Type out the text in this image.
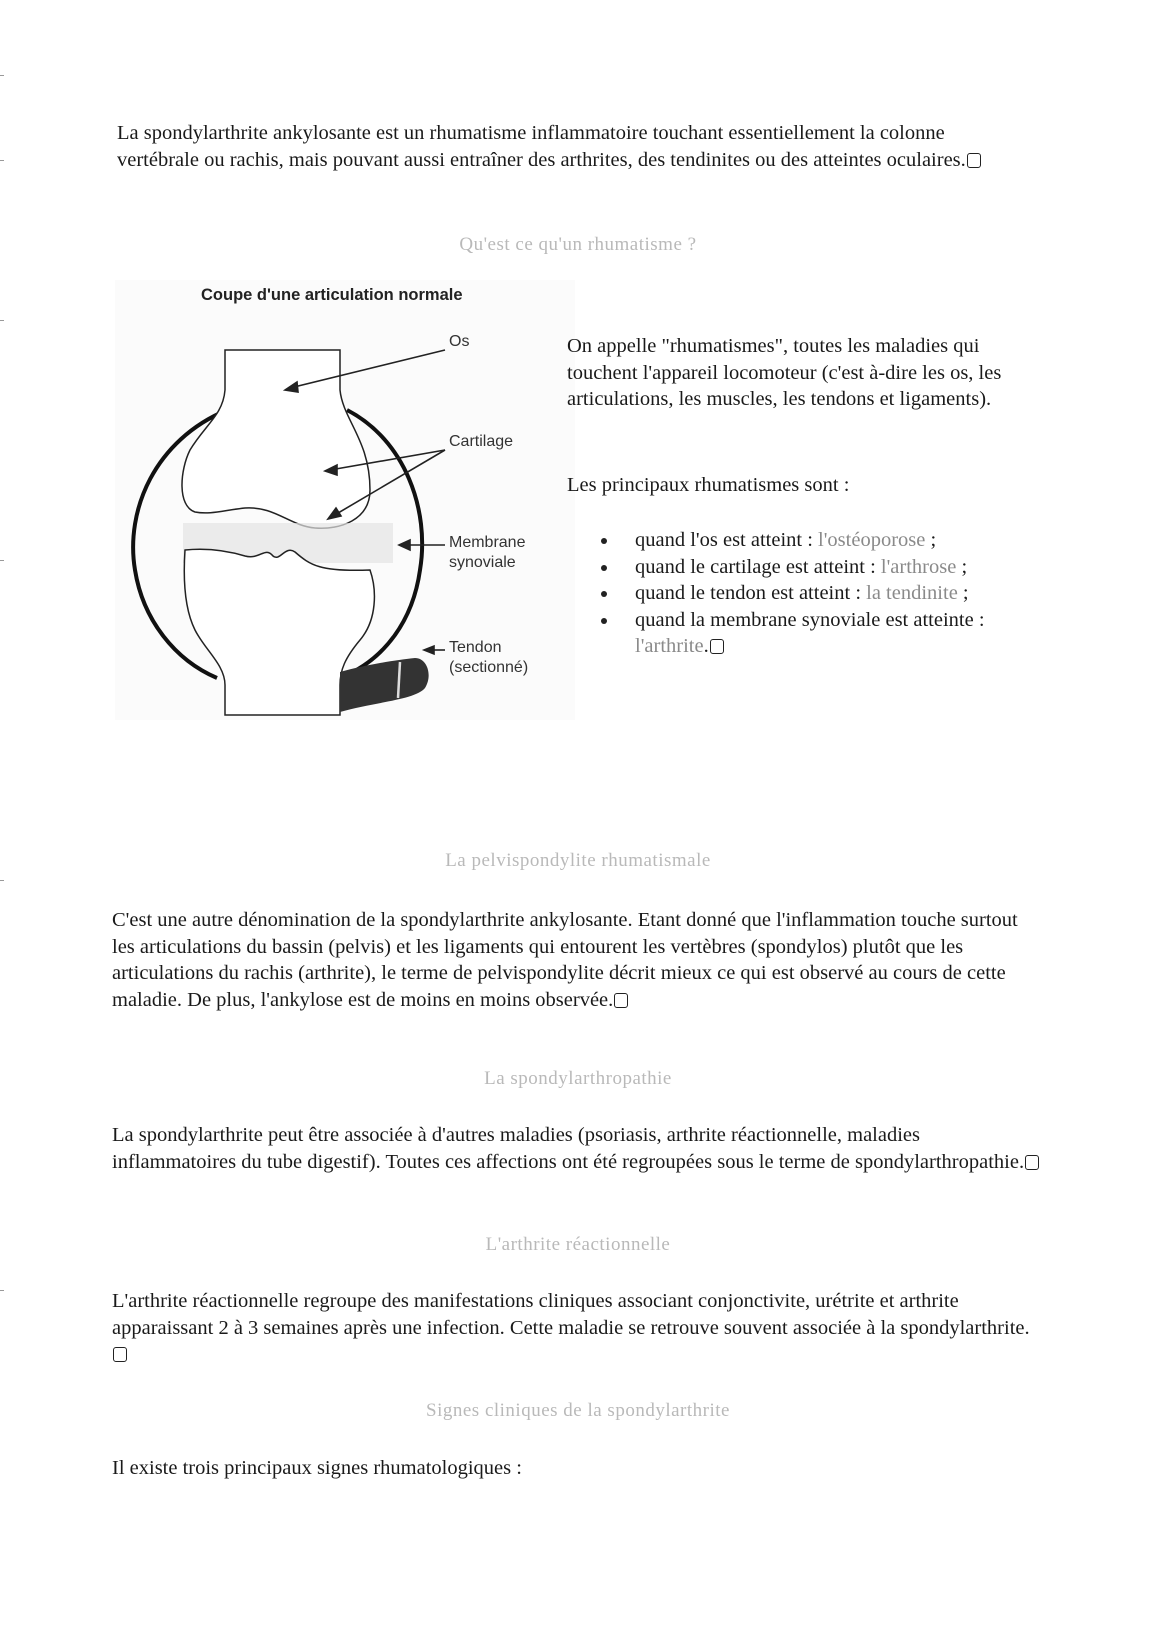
La spondylarthrite ankylosante est un rhumatisme inflammatoire touchant essentiellement la colonne vertébrale ou rachis, mais pouvant aussi entraîner des arthrites, des tendinites ou des atteintes oculaires.
Qu'est ce qu'un rhumatisme ?
Coupe d'une articulation normale
Os
Cartilage
Membrane
synoviale
Tendon
(sectionné)
On appelle "rhumatismes", toutes les maladies qui touchent l'appareil locomoteur (c'est à-dire les os, les articulations, les muscles, les tendons et ligaments).
Les principaux rhumatismes sont :
quand l'os est atteint : l'ostéoporose ;
quand le cartilage est atteint : l'arthrose ;
quand le tendon est atteint : la tendinite ;
quand la membrane synoviale est atteinte : l'arthrite.
La pelvispondylite rhumatismale
C'est une autre dénomination de la spondylarthrite ankylosante. Etant donné que l'inflammation touche surtout les articulations du bassin (pelvis) et les ligaments qui entourent les vertèbres (spondylos) plutôt que les articulations du rachis (arthrite), le terme de pelvispondylite décrit mieux ce qui est observé au cours de cette maladie. De plus, l'ankylose est de moins en moins observée.
La spondylarthropathie
La spondylarthrite peut être associée à d'autres maladies (psoriasis, arthrite réactionnelle, maladies inflammatoires du tube digestif). Toutes ces affections ont été regroupées sous le terme de spondylarthropathie.
L'arthrite réactionnelle
L'arthrite réactionnelle regroupe des manifestations cliniques associant conjonctivite, urétrite et arthrite apparaissant 2 à 3 semaines après une infection. Cette maladie se retrouve souvent associée à la spondylarthrite.
Signes cliniques de la spondylarthrite
Il existe trois principaux signes rhumatologiques :
